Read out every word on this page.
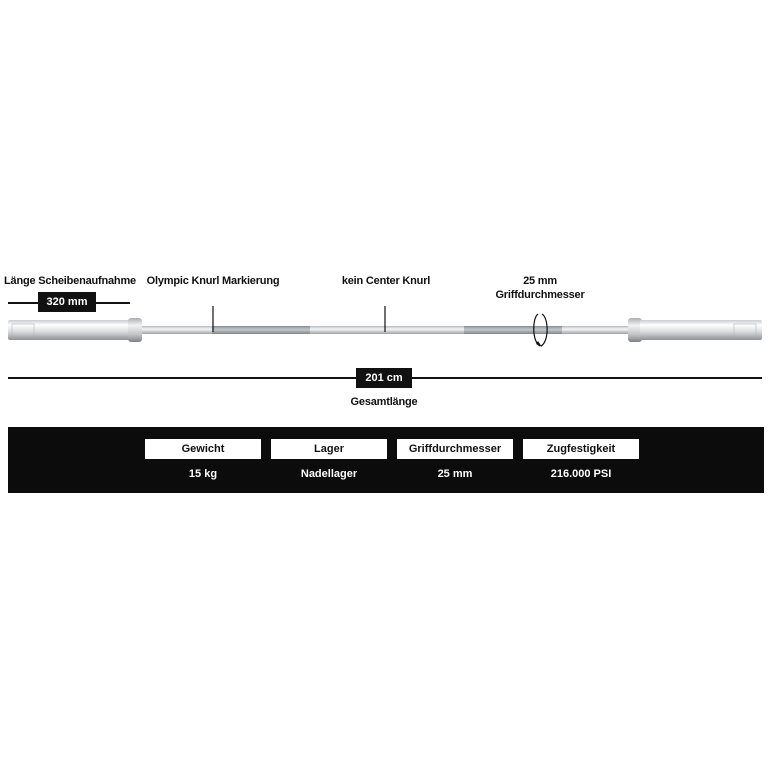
Länge Scheibenaufnahme
320 mm
Olympic Knurl Markierung	kein Center Knurl	25 mm
Griffdurchmesser
201 cm
Gesamtlänge
Gewicht
15 kg
Lager
Nadellager
Griffdurchmesser
25 mm
Zugfestigkeit
216.000 PSI
